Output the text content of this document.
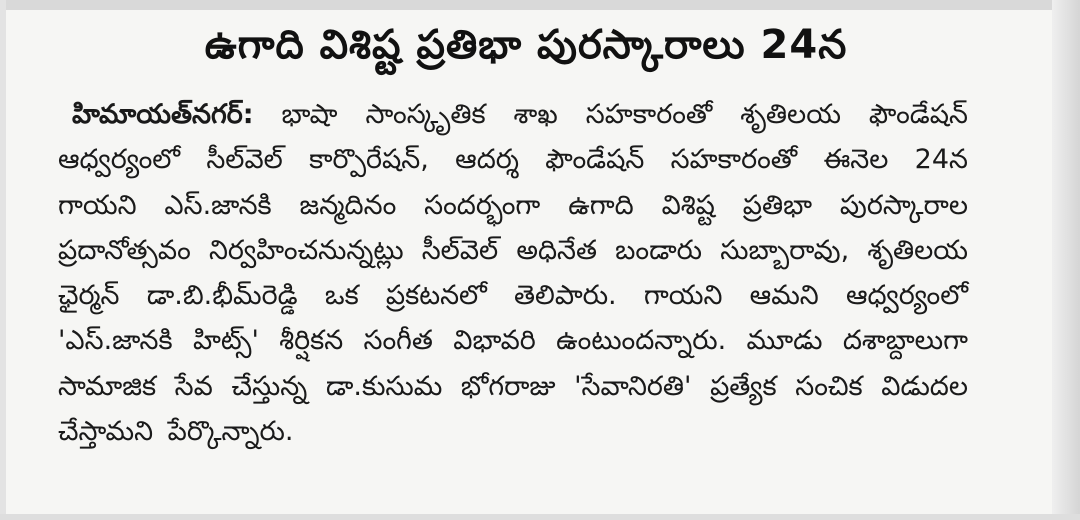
ఉగాది విశిష్ట ప్రతిభా పురస్కారాలు 24న
హిమాయత్‌నగర్: భాషా సాంస్కృతిక శాఖ సహకారంతో శృతిలయ ఫౌండేషన్ ఆధ్వర్యంలో సీల్‌వెల్ కార్పొరేషన్, ఆదర్శ ఫౌండేషన్ సహకారంతో ఈనెల 24న గాయని ఎస్.జానకి జన్మదినం సందర్భంగా ఉగాది విశిష్ట ప్రతిభా పురస్కారాల ప్రదానోత్సవం నిర్వహించనున్నట్లు సీల్‌వెల్ అధినేత బండారు సుబ్బారావు, శృతిలయ ఛైర్మన్ డా.బి.భీమ్‌రెడ్డి ఒక ప్రకటనలో తెలిపారు. గాయని ఆమని ఆధ్వర్యంలో 'ఎస్.జానకి హిట్స్' శీర్షికన సంగీత విభావరి ఉంటుందన్నారు. మూడు దశాబ్దాలుగా సామాజిక సేవ చేస్తున్న డా.కుసుమ భోగరాజు 'సేవానిరతి' ప్రత్యేక సంచిక విడుదల చేస్తామని పేర్కొన్నారు.
